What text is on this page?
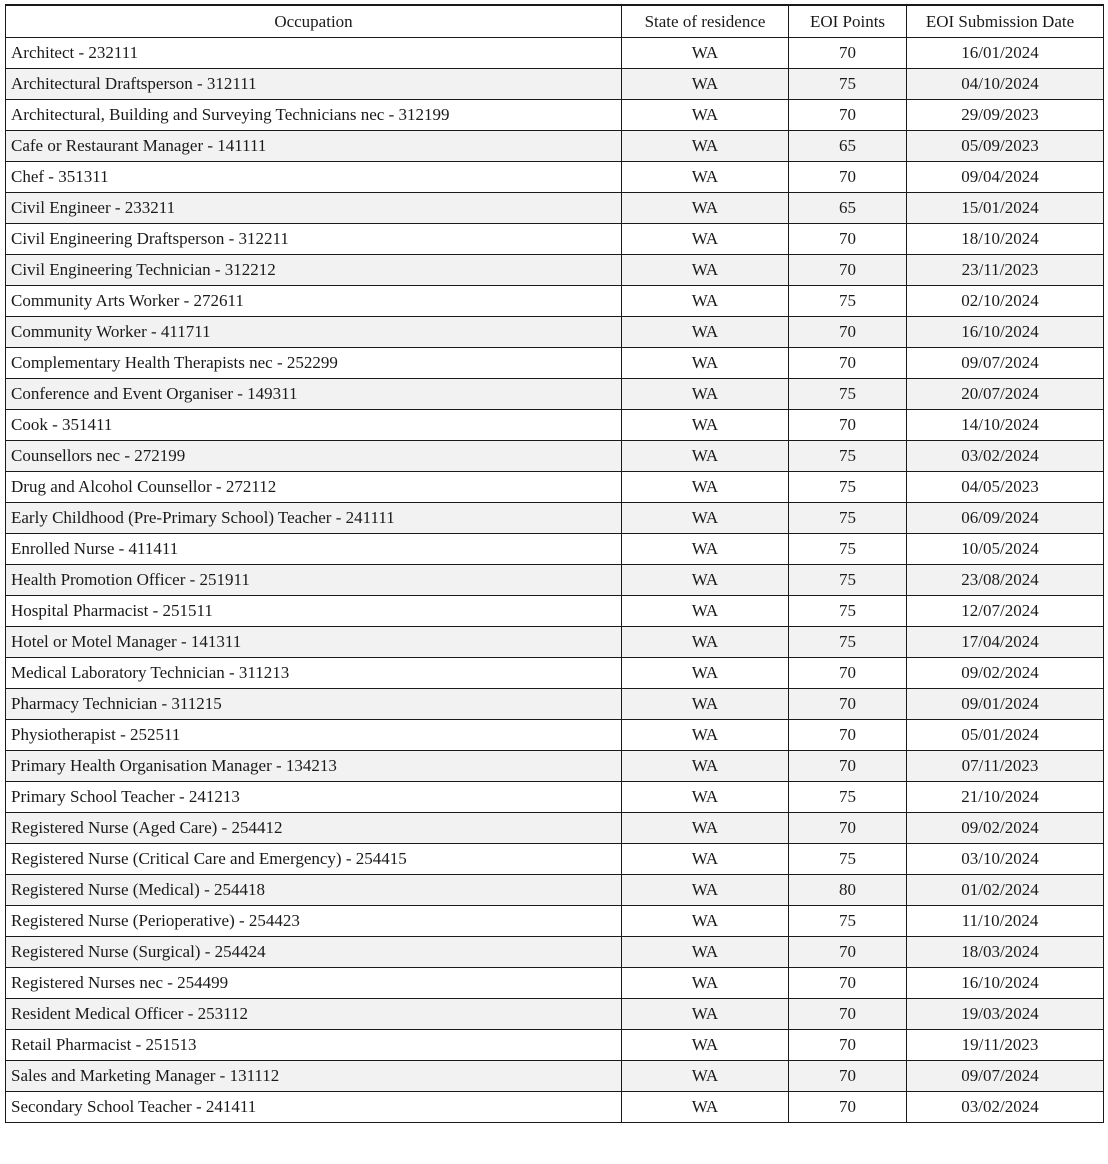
Occupation	State of residence	EOI Points	EOI Submission Date
Architect - 232111	WA	70	16/01/2024
Architectural Draftsperson - 312111	WA	75	04/10/2024
Architectural, Building and Surveying Technicians nec - 312199	WA	70	29/09/2023
Cafe or Restaurant Manager - 141111	WA	65	05/09/2023
Chef - 351311	WA	70	09/04/2024
Civil Engineer - 233211	WA	65	15/01/2024
Civil Engineering Draftsperson - 312211	WA	70	18/10/2024
Civil Engineering Technician - 312212	WA	70	23/11/2023
Community Arts Worker - 272611	WA	75	02/10/2024
Community Worker - 411711	WA	70	16/10/2024
Complementary Health Therapists nec - 252299	WA	70	09/07/2024
Conference and Event Organiser - 149311	WA	75	20/07/2024
Cook - 351411	WA	70	14/10/2024
Counsellors nec - 272199	WA	75	03/02/2024
Drug and Alcohol Counsellor - 272112	WA	75	04/05/2023
Early Childhood (Pre-Primary School) Teacher - 241111	WA	75	06/09/2024
Enrolled Nurse - 411411	WA	75	10/05/2024
Health Promotion Officer - 251911	WA	75	23/08/2024
Hospital Pharmacist - 251511	WA	75	12/07/2024
Hotel or Motel Manager - 141311	WA	75	17/04/2024
Medical Laboratory Technician - 311213	WA	70	09/02/2024
Pharmacy Technician - 311215	WA	70	09/01/2024
Physiotherapist - 252511	WA	70	05/01/2024
Primary Health Organisation Manager - 134213	WA	70	07/11/2023
Primary School Teacher - 241213	WA	75	21/10/2024
Registered Nurse (Aged Care) - 254412	WA	70	09/02/2024
Registered Nurse (Critical Care and Emergency) - 254415	WA	75	03/10/2024
Registered Nurse (Medical) - 254418	WA	80	01/02/2024
Registered Nurse (Perioperative) - 254423	WA	75	11/10/2024
Registered Nurse (Surgical) - 254424	WA	70	18/03/2024
Registered Nurses nec - 254499	WA	70	16/10/2024
Resident Medical Officer - 253112	WA	70	19/03/2024
Retail Pharmacist - 251513	WA	70	19/11/2023
Sales and Marketing Manager - 131112	WA	70	09/07/2024
Secondary School Teacher - 241411	WA	70	03/02/2024
